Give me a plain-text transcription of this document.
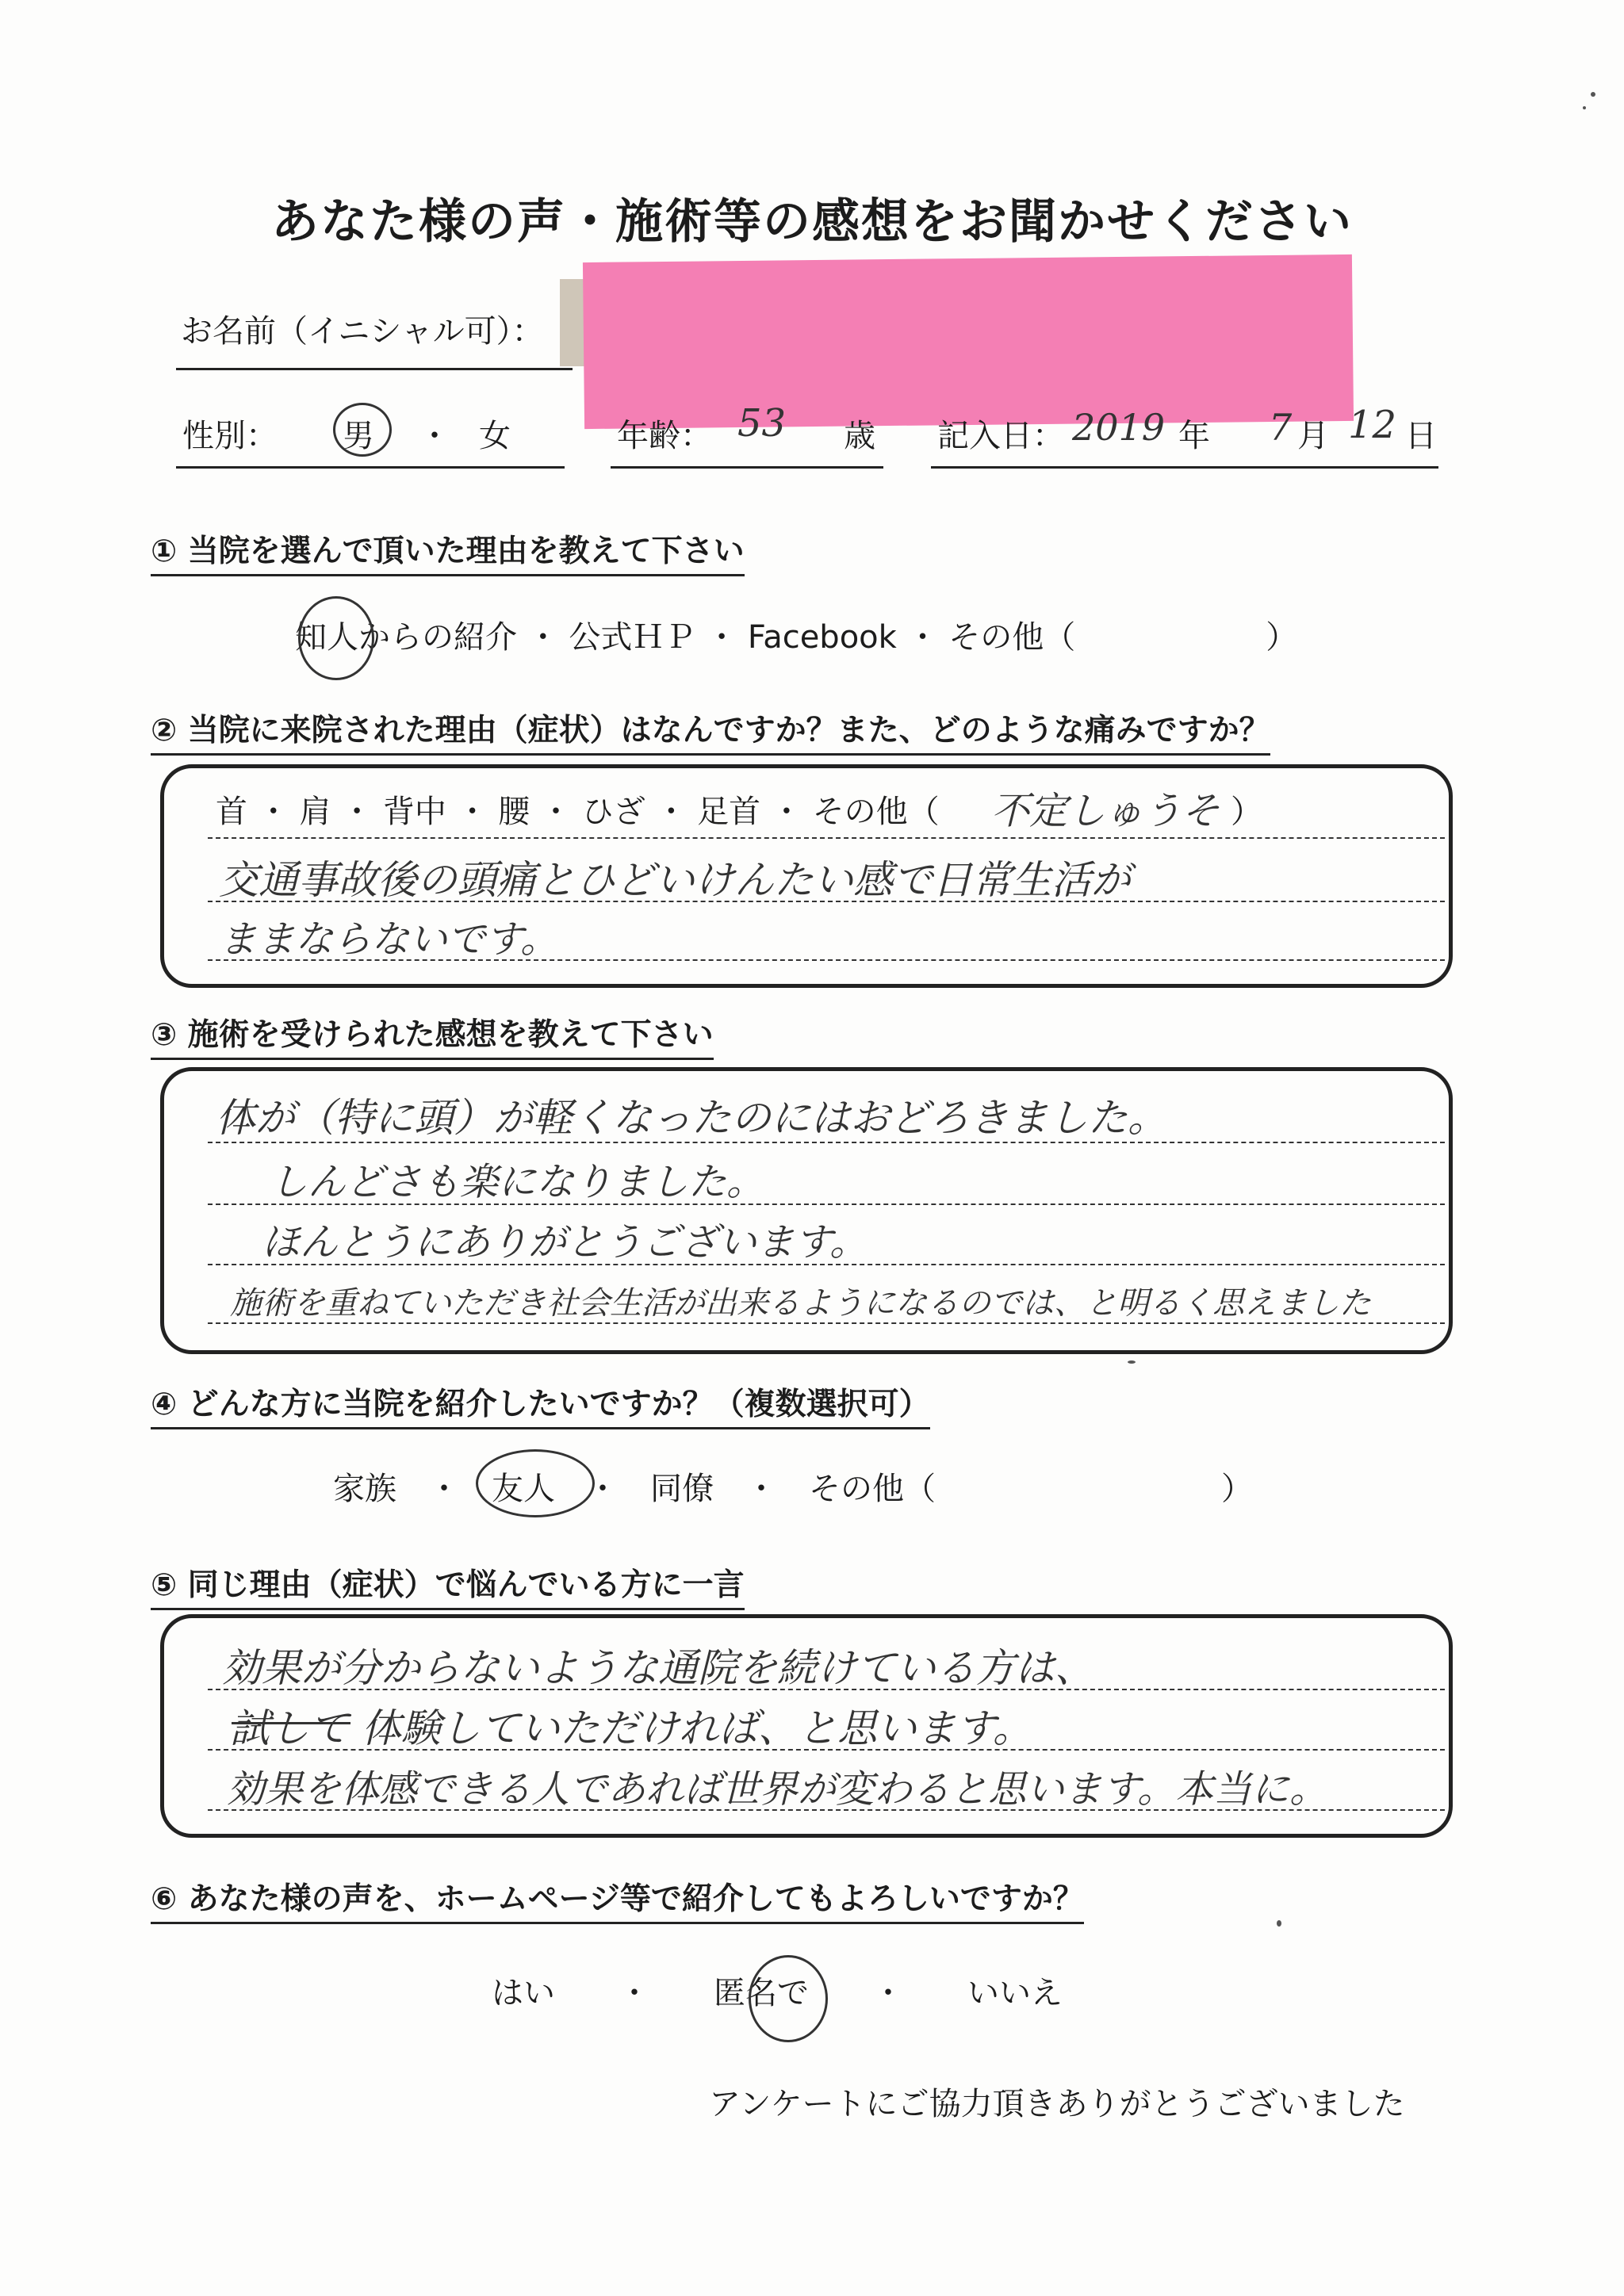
あなた様の声・施術等の感想をお聞かせください
お名前（イニシャル可）：
性別： 男 ・ 女	年齢： 53 歳 記入日： 2019 年 7 月 12 日
① 当院を選んで頂いた理由を教えて下さい
知人からの紹介 ・ 公式ＨＰ ・ Facebook ・ その他（　　　　　　）
② 当院に来院された理由（症状）はなんですか？また、どのような痛みですか？
首 ・ 肩 ・ 背中 ・ 腰 ・ ひざ ・ 足首 ・ その他（ 不定しゅうそ ）
交通事故後の頭痛とひどいけんたい感で日常生活が
ままならないです。
③ 施術を受けられた感想を教えて下さい
体が（特に頭）が軽くなったのにはおどろきました。
しんどさも楽になりました。
ほんとうにありがとうございます。
施術を重ねていただき社会生活が出来るようになるのでは、と明るく思えました
④ どんな方に当院を紹介したいですか？（複数選択可）
家族　・　友人　・　同僚　・　その他（　　　　　　　　　）
⑤ 同じ理由（症状）で悩んでいる方に一言
効果が分からないような通院を続けている方は、
試して 体験していただければ、と思います。
効果を体感できる人であれば世界が変わると思います。本当に。
⑥ あなた様の声を、ホームページ等で紹介してもよろしいですか？
はい　　・　　匿名で　　・　　いいえ
アンケートにご協力頂きありがとうございました
